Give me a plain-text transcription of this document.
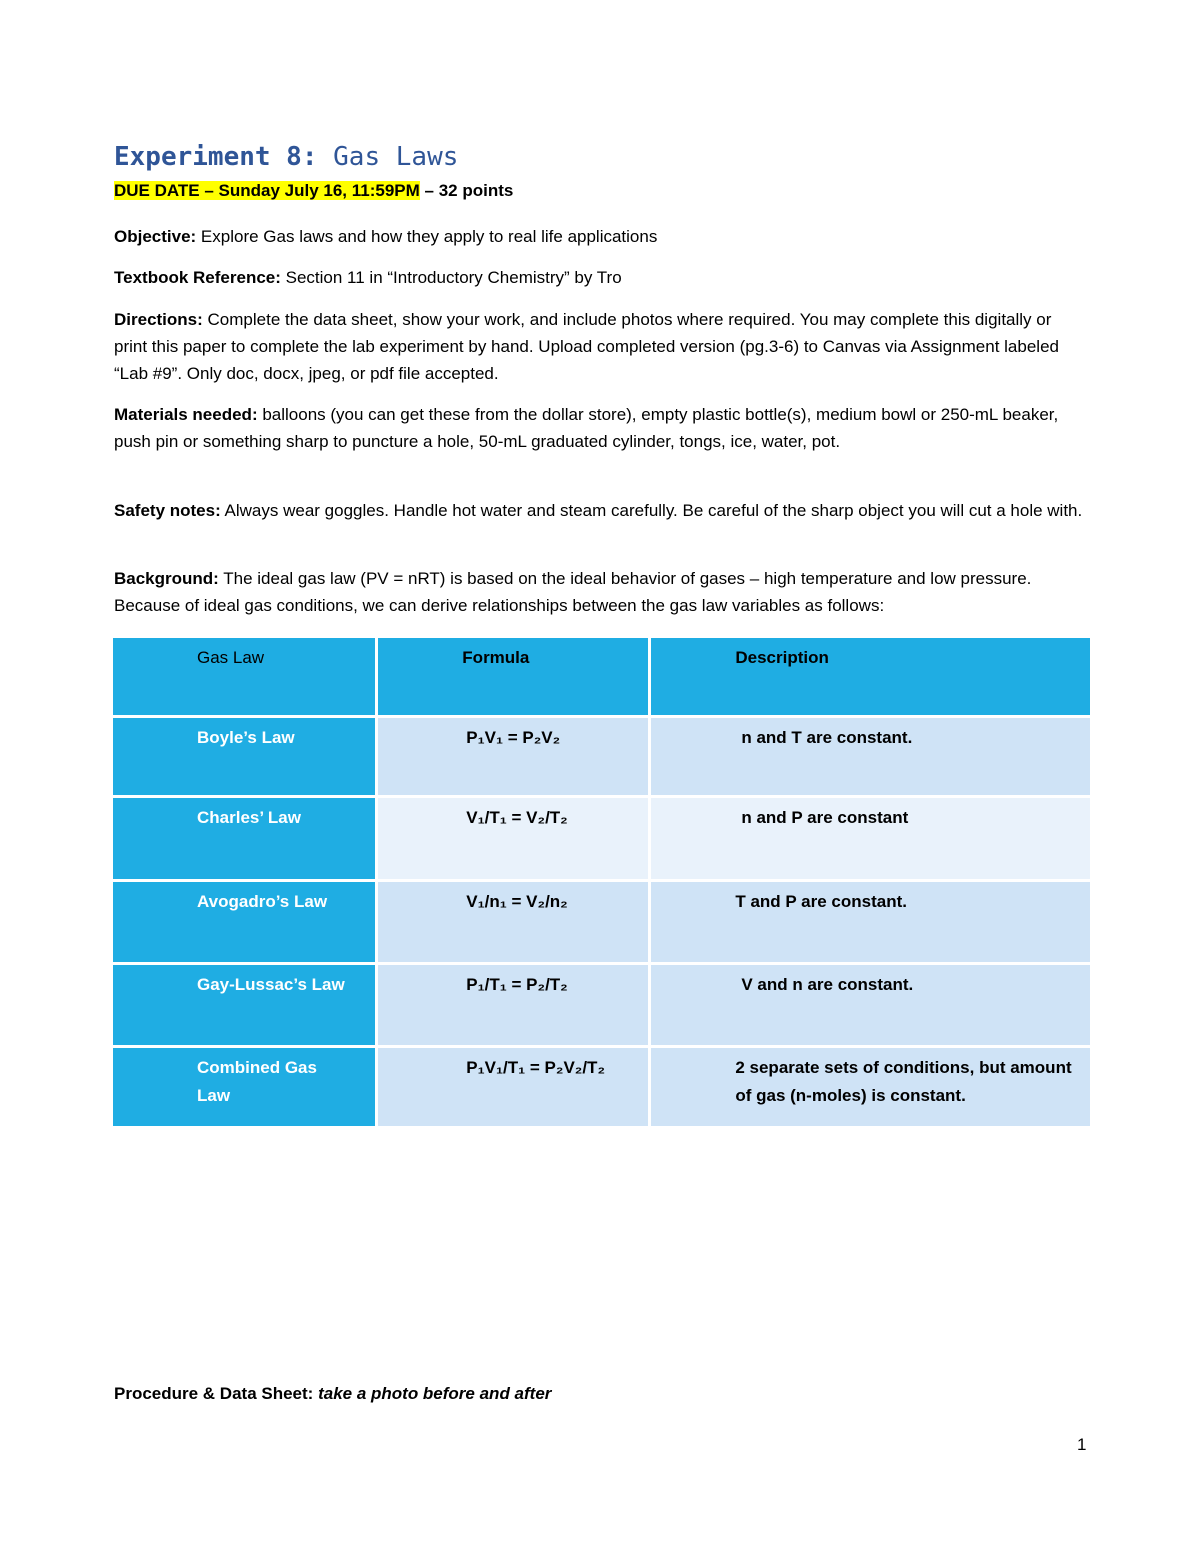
Experiment 8: Gas Laws
DUE DATE – Sunday July 16, 11:59PM – 32 points

Objective: Explore Gas laws and how they apply to real life applications

Textbook Reference: Section 11 in “Introductory Chemistry” by Tro

Directions: Complete the data sheet, show your work, and include photos where required. You may complete this digitally or print this paper to complete the lab experiment by hand. Upload completed version (pg.3-6) to Canvas via Assignment labeled “Lab #9”. Only doc, docx, jpeg, or pdf file accepted.

Materials needed: balloons (you can get these from the dollar store), empty plastic bottle(s), medium bowl or 250-mL beaker, push pin or something sharp to puncture a hole, 50-mL graduated cylinder, tongs, ice, water, pot.

Safety notes: Always wear goggles. Handle hot water and steam carefully. Be careful of the sharp object you will cut a hole with.

Background: The ideal gas law (PV = nRT) is based on the ideal behavior of gases – high temperature and low pressure. Because of ideal gas conditions, we can derive relationships between the gas law variables as follows:

Gas Law	Formula	Description

Boyle’s Law	P₁V₁ = P₂V₂	n and T are constant.

Charles’ Law	V₁/T₁ = V₂/T₂	n and P are constant

Avogadro’s Law	V₁/n₁ = V₂/n₂	T and P are constant.

Gay-Lussac’s Law	P₁/T₁ = P₂/T₂	V and n are constant.

Combined Gas Law	P₁V₁/T₁ = P₂V₂/T₂	2 separate sets of conditions, but amount of gas (n-moles) is constant.

Procedure & Data Sheet: take a photo before and after

1
